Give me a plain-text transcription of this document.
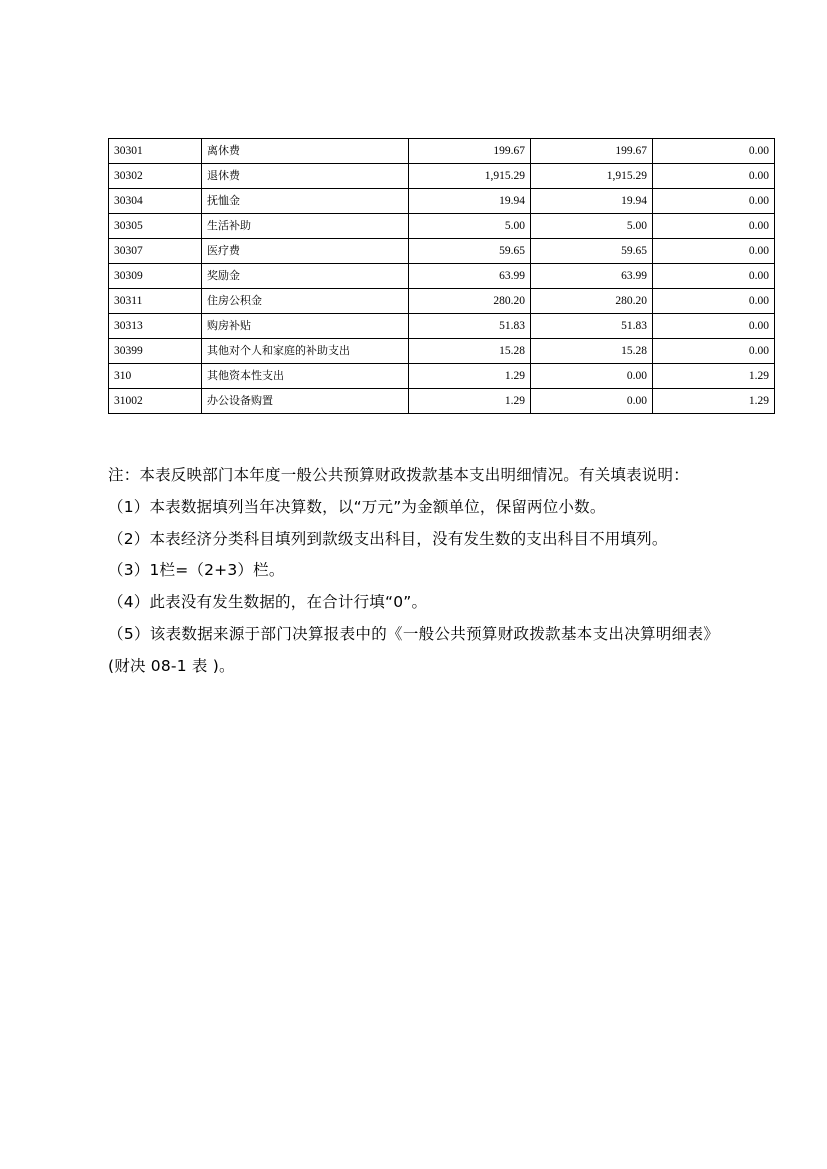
30301	离休费	199.67	199.67	0.00
30302	退休费	1,915.29	1,915.29	0.00
30304	抚恤金	19.94	19.94	0.00
30305	生活补助	5.00	5.00	0.00
30307	医疗费	59.65	59.65	0.00
30309	奖励金	63.99	63.99	0.00
30311	住房公积金	280.20	280.20	0.00
30313	购房补贴	51.83	51.83	0.00
30399	其他对个人和家庭的补助支出	15.28	15.28	0.00
310	其他资本性支出	1.29	0.00	1.29
31002	办公设备购置	1.29	0.00	1.29

注：本表反映部门本年度一般公共预算财政拨款基本支出明细情况。有关填表说明：

（1）本表数据填列当年决算数，以“万元”为金额单位，保留两位小数。

（2）本表经济分类科目填列到款级支出科目，没有发生数的支出科目不用填列。

（3）1栏=（2+3）栏。

（4）此表没有发生数据的，在合计行填“0”。

（5）该表数据来源于部门决算报表中的《一般公共预算财政拨款基本支出决算明细表》(财决 08-1 表 )。
